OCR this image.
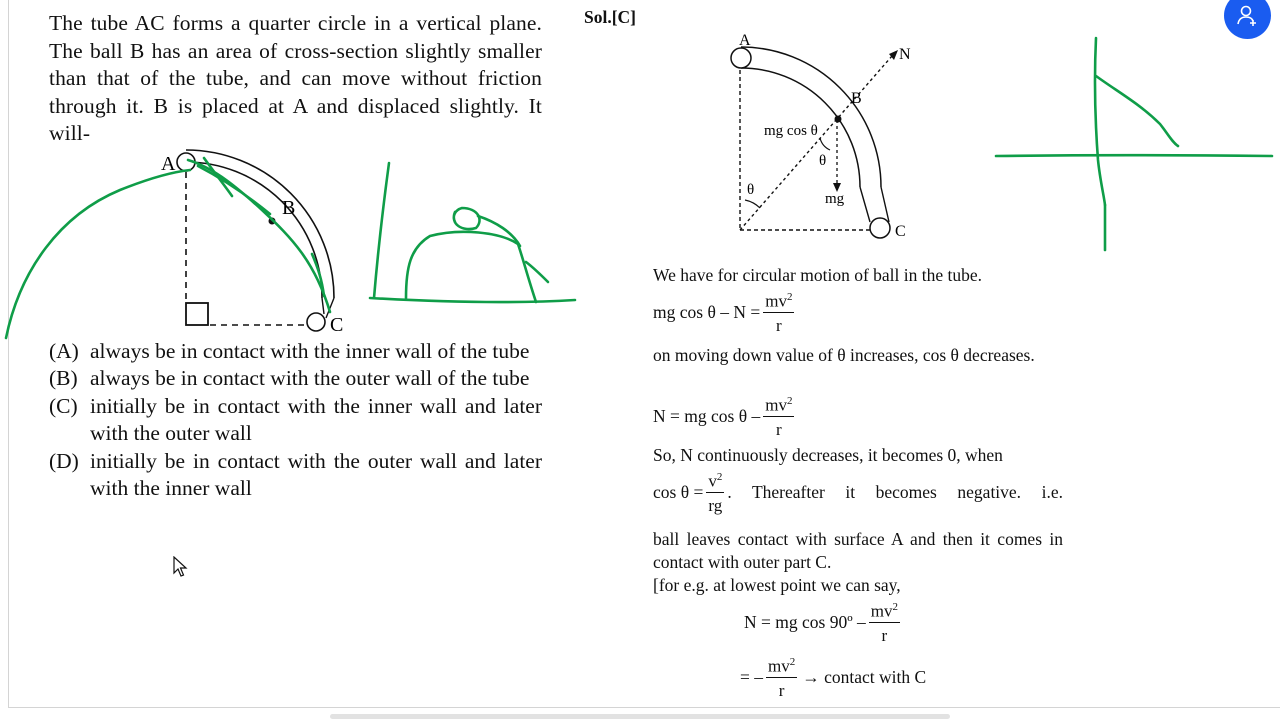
The tube AC forms a quarter circle in a vertical plane. The ball B has an area of cross-section slightly smaller than that of the tube, and can move without friction through it. B is placed at A and displaced slightly. It will-
A
B
C
(A) always be in contact with the inner wall of the tube
(B) always be in contact with the outer wall of the tube
(C) initially be in contact with the inner wall and later with the outer wall
(D) initially be in contact with the outer wall and later with the inner wall
Sol.[C]
A
B
C
N
mg cos θ
θ
θ
mg
We have for circular motion of ball in the tube.
mg $\cos \theta - N = \frac{mv^2}{r}$
on moving down value of θ increases, cos θ decreases.
N = mg cos θ – $\frac{mv^2}{r}$
So, N continuously decreases, it becomes 0, when
$\cos \theta = \frac{v^2}{rg}$ . Thereafter it becomes negative. i.e.
ball leaves contact with surface A and then it comes in contact with outer part C.
[for e.g. at lowest point we can say,
N = mg cos 90º – $\frac{mv^2}{r}$
= – $\frac{mv^2}{r}$ → contact with C
